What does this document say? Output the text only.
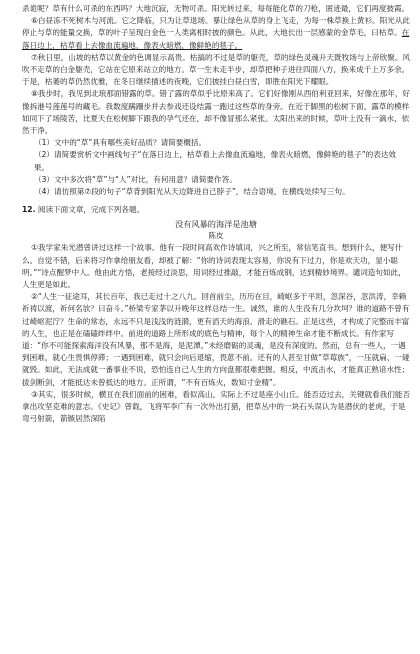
杀诡呢？草有什么可杀的东西吗？大地沉寂，无物可杀。阳光转过来，每每能化草的刀枪，匿迹最，它们再度披霞。

⑥白昼冻不死树木与河流。它之降临，只为让草退场。暴让绿色从草的身上飞走，为每一株草换上黄衫。阳光从此停止与草的能量交换，草的叶子呈现白金色一人类离相时披的颜色。从此，大地长出一层感蒙的金草毛，曰枯草。在落日边上，枯草看上去像血流遍地，像表火暗燃，像鲜艳的毯子。

⑦秋日里，山坡的枯草以黄金的色调显示高贵。枯搞的不过是草的躯壳，草的绿色灵魂升天既牧场与上帝欣聚。风吹不走草的白金躯壳，它站在它原来站立的地方。草一生未走半步，却草把种子进往四面八方，换来成千上万多余。于是，枯萎的草仍然优雅，在冬日继续描述的夜晚，它们披挂白昼白雪，即胜在阳光下耀眼。

⑧我步时，我见到北琅那面错露的草。错了露的草似乎比原来高了。它们好像刚从西伯利亚回来，好像在那年，好像拆港号莲莲号的藏毛。我数度蹒跚步并去参戏还设结露一跑过这些草的身旁。在近于脚黑的松树下面，露草的模样如同下了场陵苦，比夏天在松树脚下跟我的孕气还在，却不像冒那么紧张。太阳出来的时候，草叶上没有一滴水，依然干净。

（1）文中的“草”具有哪些美好品质？请简要概括。

（2）请简要赏析文中画线句子“在落日边上，枯草看上去像血流遍地，像表火暗燃，像鲜艳的毯子”的表达效果。

（3）文中多次将“草”与“人”对比，有何用意？请简要作答。

（4）请仿照第⑦段的句子“草背到阳光从天边降进自己脖子”，结合语境，在横线处续写三句。

12. 阅读下面文章，完成下列各题。

没有风暴的海洋是池塘

陈皮

①我学家朱光潜曾讲过这样一个故事。他有一段时间高欢作诗填词，兴之所至，常信笔直书。想到什么，便写什么。自觉不错，后来将习作拿给朋友看，却被了解：“你的诗词表现太容易，你说有下过力，你是欢天功，显小聪明。”“诗点醒梦中人。他由此方悟，老接经过淡思，用词经过推敲，才能百炼成钢，达到精妙境界。谴词造句如此，人生更是如此。

②“人生一征途耳，其长百年，我已走过十之八九。回首前尘，历历在目，崎岖多于平坦，忽深谷，忽洪涛，幸赖祈祷以渡，祈何名欤？曰奋斗。”桥梁专家茅以升晚年这样总结一生。诚然，谁的人生没有几分坎坷？谁的道路不曾有过崎岖泥泞？生命的常态，永远不只是浅浅的涟漪，更有滔天的海浪、滑走的礁石。正是这些，才构成了完整而丰富的人生，也正是在磕磕绊绊中。前进的道路上所形成的底色与精神，每个人的精神生命才能不断成长。有作家写道：“你不可能探索海洋没有风暴，那不是海，是泥潭。”未经磨砺的灵魂，是没有深度的。然而，总有一些人，一遇到困难，就心生畏惧停滞；一遇到困难，就只会向后退缩，畏葸不前。还有的人甚至甘做“草莓族”，一压就扁、一碰就毁。如此，无法成就一番事业不说，恐怕连自己人生的方向盘都很难把握。相反，中流击水，才能真正熟谙水性；拔剑断剑，才能抵达未曾抵达的地方。正所谓，“不有百炼火，数知寸金精”。

③其实，很多时候，横亘在我们面前的困难，看似高山，实际上不过是座小山丘。能否迈过去，关键就看我们能否拿出攻坚克难的意志。《史记》曾载，飞将军李广有一次外出打猎，把草丛中的一块石头误认为是潜伏的老虎，于是弯弓射箭，箭镞居然深陷
